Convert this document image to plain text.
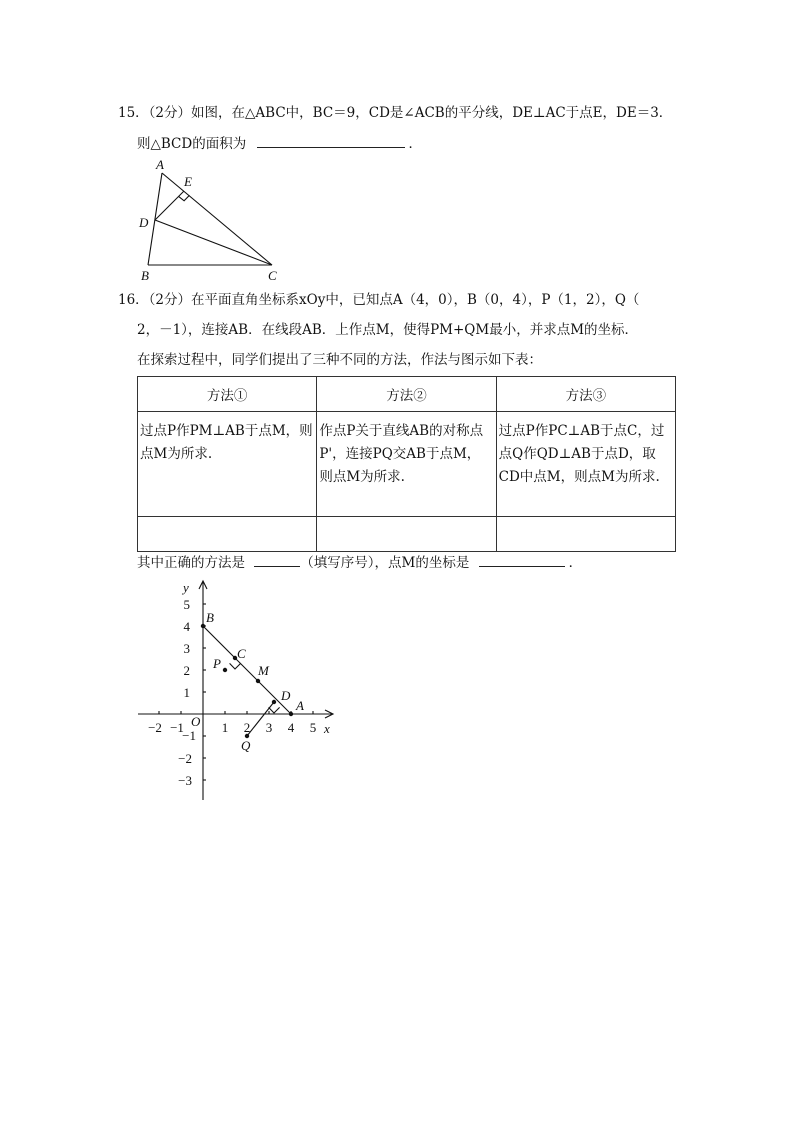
15．（2分）如图，在△ABC中，BC＝9，CD是∠ACB的平分线，DE⊥AC于点E，DE＝3．
则△BCD的面积为	．
A
E
D
B	C
16．（2分）在平面直角坐标系xOy中，已知点A（4，0），B（0，4），P（1，2），Q（
2，－1），连接AB．在线段AB．上作点M，使得PM+QM最小，并求点M的坐标．
在探索过程中，同学们提出了三种不同的方法，作法与图示如下表：
方法①	方法②	方法③
过点P作PM⊥AB于点M，则点M为所求.	作点P关于直线AB的对称点P'，连接PQ交AB于点M，则点M为所求.	过点P作PC⊥AB于点C，过点Q作QD⊥AB于点D，取CD中点M，则点M为所求.

其中正确的方法是	（填写序号），点M的坐标是	．
y
x
O
−2 −1	1 2 3 4 5
5
4
3
2
1
−1
−2
−3
B
C
P	M
D
A
Q
